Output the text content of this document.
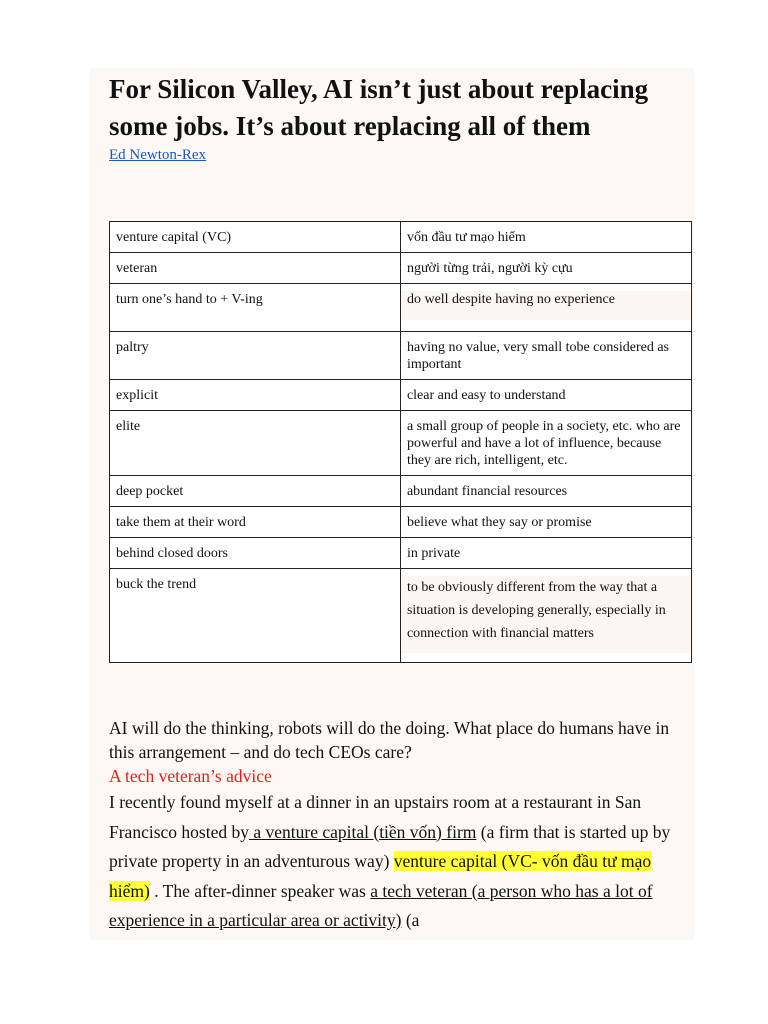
For Silicon Valley, AI isn’t just about replacing some jobs. It’s about replacing all of them
Ed Newton-Rex
venture capital (VC)	vốn đầu tư mạo hiểm
veteran	người từng trải, người kỳ cựu
turn one’s hand to + V-ing	do well despite having no experience

paltry	having no value, very small tobe considered as important
explicit	clear and easy to understand
elite	a small group of people in a society, etc. who are powerful and have a lot of influence, because they are rich, intelligent, etc.
deep pocket	abundant financial resources
take them at their word	believe what they say or promise
behind closed doors	in private
buck the trend	to be obviously different from the way that a situation is developing generally, especially in connection with financial matters

AI will do the thinking, robots will do the doing. What place do humans have in this arrangement – and do tech CEOs care?

A tech veteran’s advice

I recently found myself at a dinner in an upstairs room at a restaurant in San Francisco hosted by a venture capital (tiền vốn) firm (a firm that is started up by private property in an adventurous way) venture capital (VC- vốn đầu tư mạo hiểm) . The after-dinner speaker was a tech veteran (a person who has a lot of experience in a particular area or activity) (a
